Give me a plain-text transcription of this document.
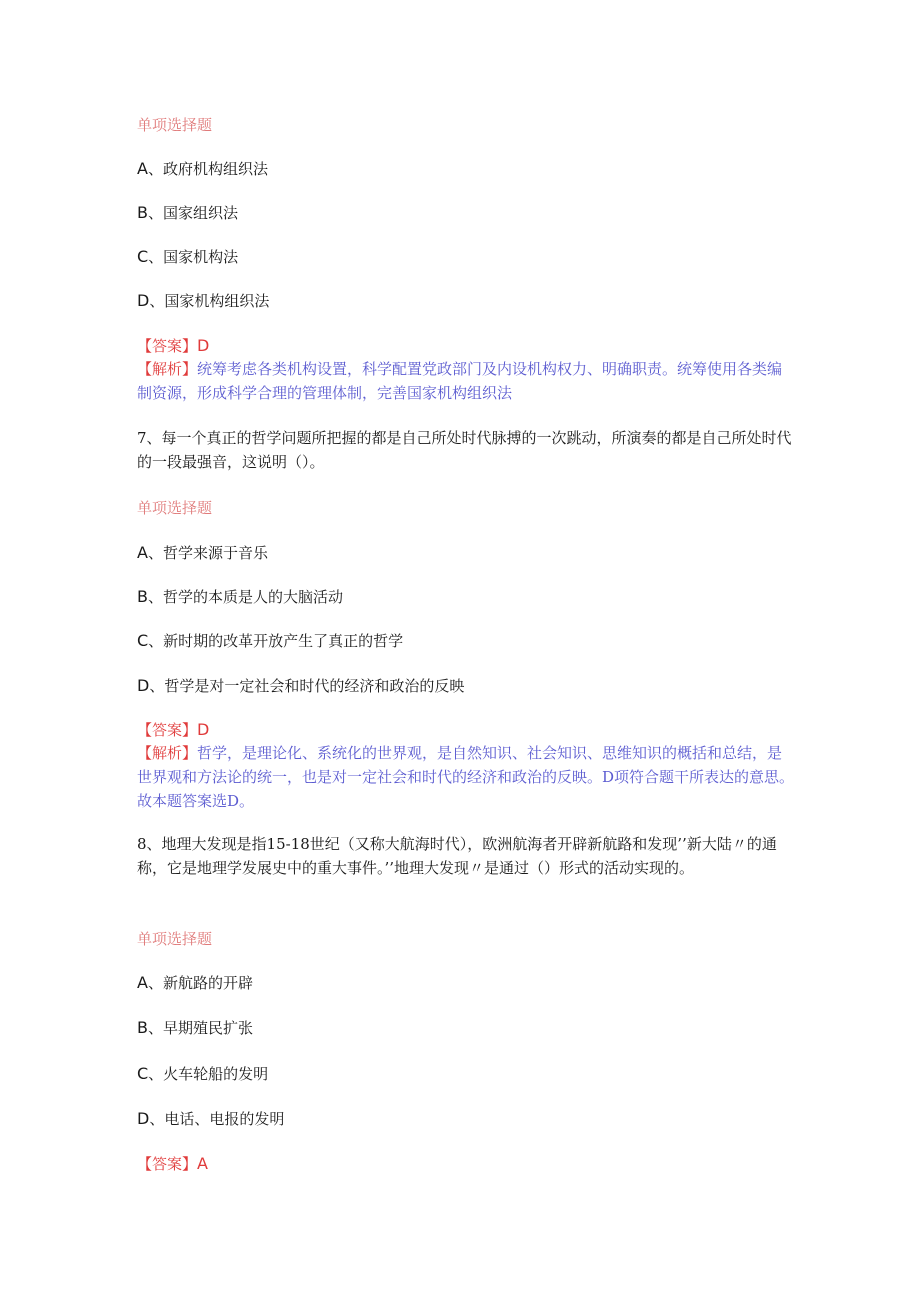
单项选择题
A、政府机构组织法
B、国家组织法
C、国家机构法
D、国家机构组织法
【答案】D
【解析】统筹考虑各类机构设置，科学配置党政部门及内设机构权力、明确职责。统筹使用各类编制资源，形成科学合理的管理体制，完善国家机构组织法
7、每一个真正的哲学问题所把握的都是自己所处时代脉搏的一次跳动，所演奏的都是自己所处时代的一段最强音，这说明（）。
单项选择题
A、哲学来源于音乐
B、哲学的本质是人的大脑活动
C、新时期的改革开放产生了真正的哲学
D、哲学是对一定社会和时代的经济和政治的反映
【答案】D
【解析】哲学，是理论化、系统化的世界观，是自然知识、社会知识、思维知识的概括和总结，是世界观和方法论的统一，也是对一定社会和时代的经济和政治的反映。D项符合题干所表达的意思。故本题答案选D。
8、地理大发现是指15-18世纪（又称大航海时代），欧洲航海者开辟新航路和发现’’新大陆〃的通称，它是地理学发展史中的重大事件。’’地理大发现〃是通过（）形式的活动实现的。
单项选择题
A、新航路的开辟
B、早期殖民扩张
C、火车轮船的发明
D、电话、电报的发明
【答案】A
